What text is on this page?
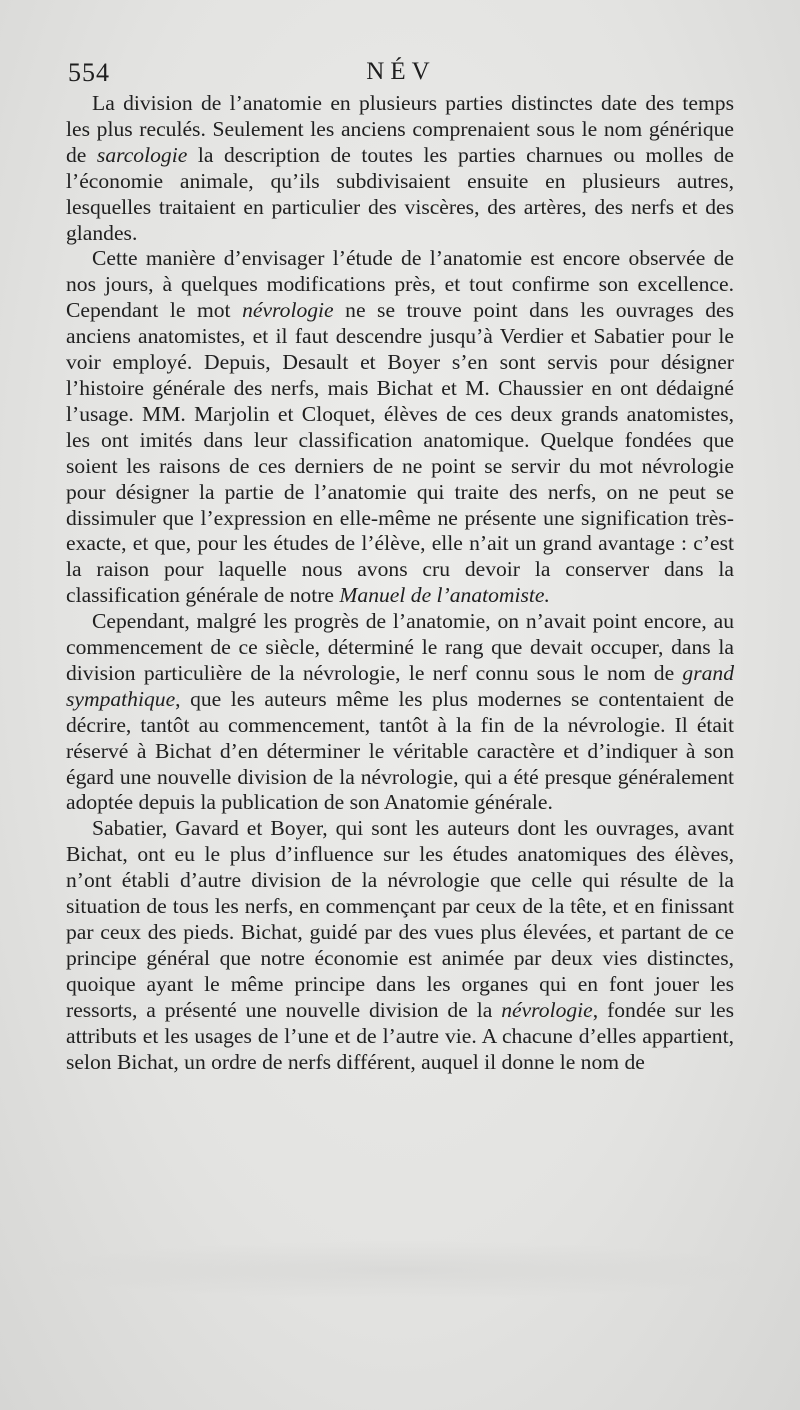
554	NÉV

La division de l’anatomie en plusieurs parties distinctes date des temps les plus reculés. Seulement les anciens comprenaient sous le nom générique de sarcologie la description de toutes les parties charnues ou molles de l’économie animale, qu’ils subdivisaient ensuite en plusieurs autres, lesquelles traitaient en particulier des viscères, des artères, des nerfs et des glandes.

Cette manière d’envisager l’étude de l’anatomie est encore observée de nos jours, à quelques modifications près, et tout confirme son excellence. Cependant le mot névrologie ne se trouve point dans les ouvrages des anciens anatomistes, et il faut descendre jusqu’à Verdier et Sabatier pour le voir employé. Depuis, Desault et Boyer s’en sont servis pour désigner l’histoire générale des nerfs, mais Bichat et M. Chaussier en ont dédaigné l’usage. MM. Marjolin et Cloquet, élèves de ces deux grands anatomistes, les ont imités dans leur classification anatomique. Quelque fondées que soient les raisons de ces derniers de ne point se servir du mot névrologie pour désigner la partie de l’anatomie qui traite des nerfs, on ne peut se dissimuler que l’expression en elle-même ne présente une signification très-exacte, et que, pour les études de l’élève, elle n’ait un grand avantage : c’est la raison pour laquelle nous avons cru devoir la conserver dans la classification générale de notre Manuel de l’anatomiste.

Cependant, malgré les progrès de l’anatomie, on n’avait point encore, au commencement de ce siècle, déterminé le rang que devait occuper, dans la division particulière de la névrologie, le nerf connu sous le nom de grand sympathique, que les auteurs même les plus modernes se contentaient de décrire, tantôt au commencement, tantôt à la fin de la névrologie. Il était réservé à Bichat d’en déterminer le véritable caractère et d’indiquer à son égard une nouvelle division de la névrologie, qui a été presque généralement adoptée depuis la publication de son Anatomie générale.

Sabatier, Gavard et Boyer, qui sont les auteurs dont les ouvrages, avant Bichat, ont eu le plus d’influence sur les études anatomiques des élèves, n’ont établi d’autre division de la névrologie que celle qui résulte de la situation de tous les nerfs, en commençant par ceux de la tête, et en finissant par ceux des pieds. Bichat, guidé par des vues plus élevées, et partant de ce principe général que notre économie est animée par deux vies distinctes, quoique ayant le même principe dans les organes qui en font jouer les ressorts, a présenté une nouvelle division de la névrologie, fondée sur les attributs et les usages de l’une et de l’autre vie. A chacune d’elles appartient, selon Bichat, un ordre de nerfs différent, auquel il donne le nom de
